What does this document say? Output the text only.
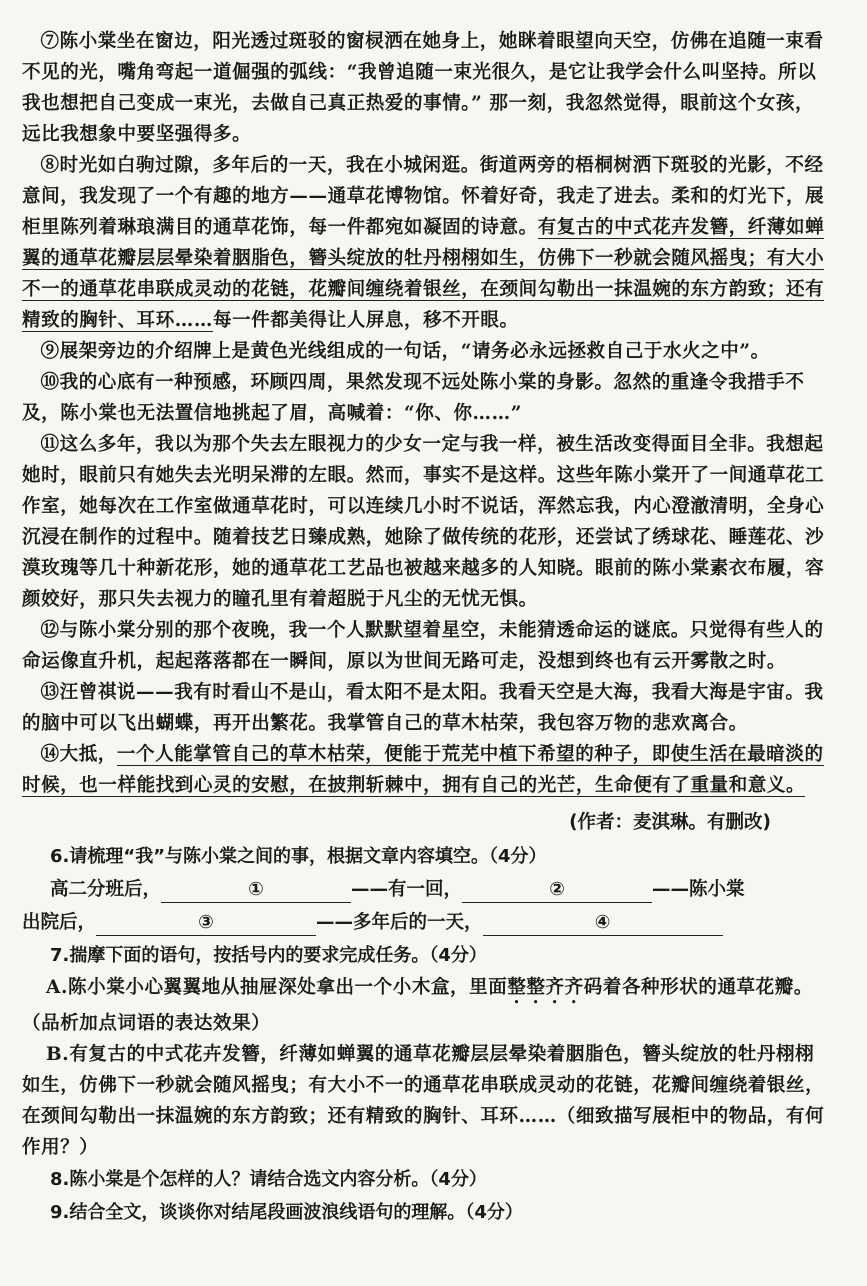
⑦陈小棠坐在窗边，阳光透过斑驳的窗棂洒在她身上，她眯着眼望向天空，仿佛在追随一束看不见的光，嘴角弯起一道倔强的弧线：“我曾追随一束光很久，是它让我学会什么叫坚持。所以我也想把自己变成一束光，去做自己真正热爱的事情。” 那一刻，我忽然觉得，眼前这个女孩，远比我想象中要坚强得多。

⑧时光如白驹过隙，多年后的一天，我在小城闲逛。街道两旁的梧桐树洒下斑驳的光影，不经意间，我发现了一个有趣的地方——通草花博物馆。怀着好奇，我走了进去。柔和的灯光下，展柜里陈列着琳琅满目的通草花饰，每一件都宛如凝固的诗意。有复古的中式花卉发簪，纤薄如蝉翼的通草花瓣层层晕染着胭脂色，簪头绽放的牡丹栩栩如生，仿佛下一秒就会随风摇曳；有大小不一的通草花串联成灵动的花链，花瓣间缠绕着银丝，在颈间勾勒出一抹温婉的东方韵致；还有精致的胸针、耳环……每一件都美得让人屏息，移不开眼。

⑨展架旁边的介绍牌上是黄色光线组成的一句话，“请务必永远拯救自己于水火之中”。

⑩我的心底有一种预感，环顾四周，果然发现不远处陈小棠的身影。忽然的重逢令我措手不及，陈小棠也无法置信地挑起了眉，高喊着：“你、你……”

⑪这么多年，我以为那个失去左眼视力的少女一定与我一样，被生活改变得面目全非。我想起她时，眼前只有她失去光明呆滞的左眼。然而，事实不是这样。这些年陈小棠开了一间通草花工作室，她每次在工作室做通草花时，可以连续几小时不说话，浑然忘我，内心澄澈清明，全身心沉浸在制作的过程中。随着技艺日臻成熟，她除了做传统的花形，还尝试了绣球花、睡莲花、沙漠玫瑰等几十种新花形，她的通草花工艺品也被越来越多的人知晓。眼前的陈小棠素衣布履，容颜姣好，那只失去视力的瞳孔里有着超脱于凡尘的无忧无惧。

⑫与陈小棠分别的那个夜晚，我一个人默默望着星空，未能猜透命运的谜底。只觉得有些人的命运像直升机，起起落落都在一瞬间，原以为世间无路可走，没想到终也有云开雾散之时。

⑬汪曾祺说——我有时看山不是山，看太阳不是太阳。我看天空是大海，我看大海是宇宙。我的脑中可以飞出蝴蝶，再开出繁花。我掌管自己的草木枯荣，我包容万物的悲欢离合。

⑭大抵，一个人能掌管自己的草木枯荣，便能于荒芜中植下希望的种子，即使生活在最暗淡的时候，也一样能找到心灵的安慰，在披荆斩棘中，拥有自己的光芒，生命便有了重量和意义。

(作者：麦淇琳。有删改)

6.请梳理“我”与陈小棠之间的事，根据文章内容填空。（4分）

高二分班后，	①	——有一回，	②	——陈小棠
出院后，	③	——多年后的一天，	④

7.揣摩下面的语句，按括号内的要求完成任务。（4分）

A.陈小棠小心翼翼地从抽屉深处拿出一个小木盒，里面整整齐齐码着各种形状的通草花瓣。（品析加点词语的表达效果）

B.有复古的中式花卉发簪，纤薄如蝉翼的通草花瓣层层晕染着胭脂色，簪头绽放的牡丹栩栩如生，仿佛下一秒就会随风摇曳；有大小不一的通草花串联成灵动的花链，花瓣间缠绕着银丝，在颈间勾勒出一抹温婉的东方韵致；还有精致的胸针、耳环……（细致描写展柜中的物品，有何作用？）

8.陈小棠是个怎样的人？请结合选文内容分析。（4分）

9.结合全文，谈谈你对结尾段画波浪线语句的理解。（4分）
